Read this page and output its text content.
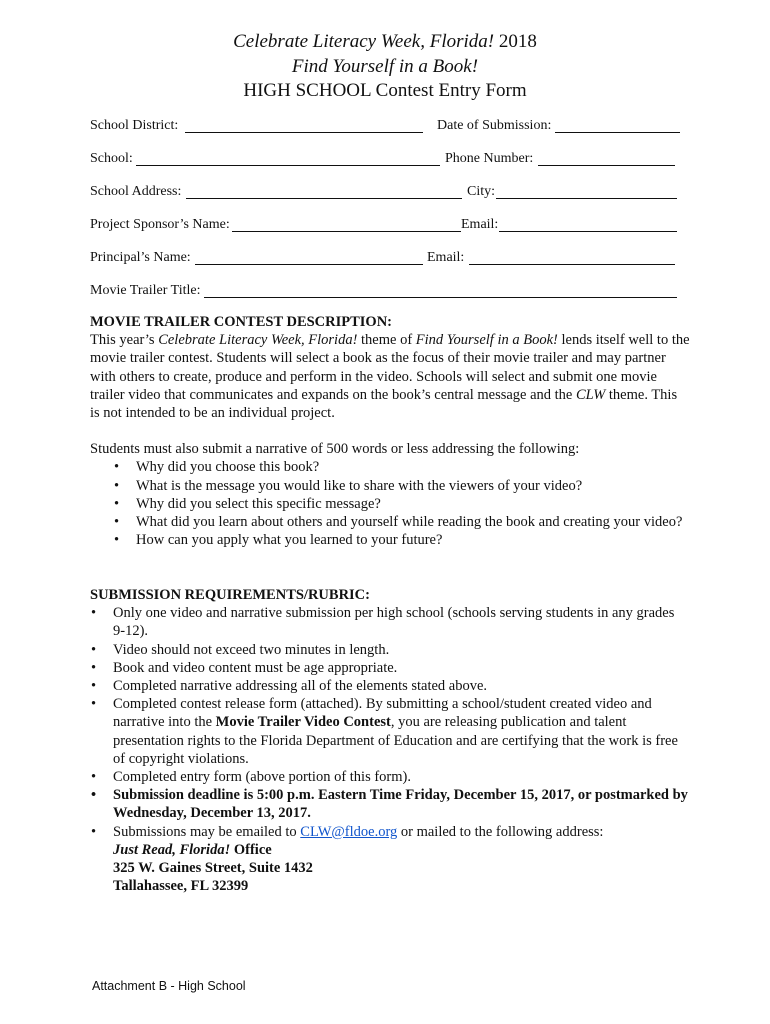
Celebrate Literacy Week, Florida! 2018
Find Yourself in a Book!
HIGH SCHOOL Contest Entry Form
School District:	Date of Submission:
School:	Phone Number:
School Address:	City:
Project Sponsor’s Name:	Email:
Principal’s Name:	Email:
Movie Trailer Title:
MOVIE TRAILER CONTEST DESCRIPTION:

This year’s Celebrate Literacy Week, Florida! theme of Find Yourself in a Book! lends itself well to the movie trailer contest. Students will select a book as the focus of their movie trailer and may partner with others to create, produce and perform in the video. Schools will select and submit one movie trailer video that communicates and expands on the book’s central message and the CLW theme. This is not intended to be an individual project.

Students must also submit a narrative of 500 words or less addressing the following:

• Why did you choose this book?
• What is the message you would like to share with the viewers of your video?
• Why did you select this specific message?
• What did you learn about others and yourself while reading the book and creating your video?
• How can you apply what you learned to your future?
SUBMISSION REQUIREMENTS/RUBRIC:
• Only one video and narrative submission per high school (schools serving students in any grades 9-12).
• Video should not exceed two minutes in length.
• Book and video content must be age appropriate.
• Completed narrative addressing all of the elements stated above.
• Completed contest release form (attached). By submitting a school/student created video and narrative into the Movie Trailer Video Contest, you are releasing publication and talent presentation rights to the Florida Department of Education and are certifying that the work is free of copyright violations.
• Completed entry form (above portion of this form).
• Submission deadline is 5:00 p.m. Eastern Time Friday, December 15, 2017, or postmarked by Wednesday, December 13, 2017.
• Submissions may be emailed to CLW@fldoe.org or mailed to the following address:
Just Read, Florida! Office
325 W. Gaines Street, Suite 1432
Tallahassee, FL 32399
Attachment B - High School
